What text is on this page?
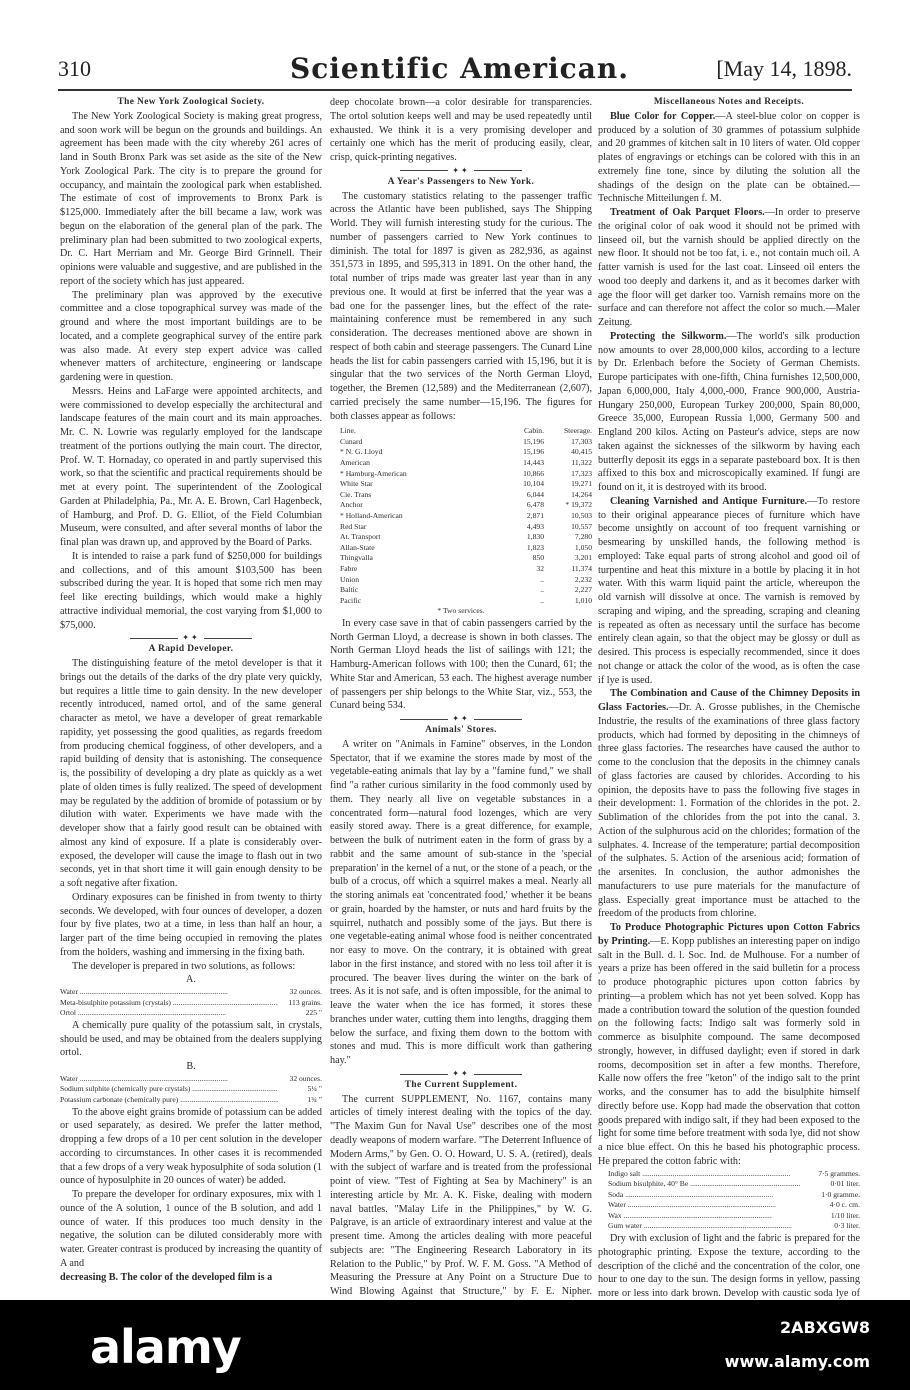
310	Scientific American.	[May 14, 1898.
The New York Zoological Society.

The New York Zoological Society is making great progress, and soon work will be begun on the grounds and buildings. An agreement has been made with the city whereby 261 acres of land in South Bronx Park was set aside as the site of the New York Zoological Park. The city is to prepare the ground for occupancy, and maintain the zoological park when established. The estimate of cost of improvements to Bronx Park is $125,000. Immediately after the bill became a law, work was begun on the elaboration of the general plan of the park. The preliminary plan had been submitted to two zoological experts, Dr. C. Hart Merriam and Mr. George Bird Grinnell. Their opinions were valuable and suggestive, and are published in the report of the society which has just appeared.

The preliminary plan was approved by the executive committee and a close topographical survey was made of the ground and where the most important buildings are to be located, and a complete geographical survey of the entire park was also made. At every step expert advice was called whenever matters of architecture, engineering or landscape gardening were in question.

Messrs. Heins and LaFarge were appointed architects, and were commissioned to develop especially the architectural and landscape features of the main court and its main approaches. Mr. C. N. Lowrie was regularly employed for the landscape treatment of the portions outlying the main court. The director, Prof. W. T. Hornaday, co operated in and partly supervised this work, so that the scientific and practical requirements should be met at every point. The superintendent of the Zoological Garden at Philadelphia, Pa., Mr. A. E. Brown, Carl Hagenbeck, of Hamburg, and Prof. D. G. Elliot, of the Field Columbian Museum, were consulted, and after several months of labor the final plan was drawn up, and approved by the Board of Parks.

It is intended to raise a park fund of $250,000 for buildings and collections, and of this amount $103,500 has been subscribed during the year. It is hoped that some rich men may feel like erecting buildings, which would make a highly attractive individual memorial, the cost varying from $1,000 to $75,000.

✦✦
A Rapid Developer.

The distinguishing feature of the metol developer is that it brings out the details of the darks of the dry plate very quickly, but requires a little time to gain density. In the new developer recently introduced, named ortol, and of the same general character as metol, we have a developer of great remarkable rapidity, yet possessing the good qualities, as regards freedom from producing chemical fogginess, of other developers, and a rapid building of density that is astonishing. The consequence is, the possibility of developing a dry plate as quickly as a wet plate of olden times is fully realized. The speed of development may be regulated by the addition of bromide of potassium or by dilution with water. Experiments we have made with the developer show that a fairly good result can be obtained with almost any kind of exposure. If a plate is considerably over-exposed, the developer will cause the image to flash out in two seconds, yet in that short time it will gain enough density to be a soft negative after fixation.

Ordinary exposures can be finished in from twenty to thirty seconds. We developed, with four ounces of developer, a dozen four by five plates, two at a time, in less than half an hour, a larger part of the time being occupied in removing the plates from the holders, washing and immersing in the fixing bath.

The developer is prepared in two solutions, as follows:

A.

Water .....	32 ounces.
Meta-bisulphite potassium (crystals) .....	113 grains.
Ortol .....	225 "

A chemically pure quality of the potassium salt, in crystals, should be used, and may be obtained from the dealers supplying ortol.

B.

Water .....	32 ounces.
Sodium sulphite (chemically pure crystals) .....	5¼ "
Potassium carbonate (chemically pure) .....	1¾ "

To the above eight grains bromide of potassium can be added or used separately, as desired. We prefer the latter method, dropping a few drops of a 10 per cent solution in the developer according to circumstances. In other cases it is recommended that a few drops of a very weak hyposulphite of soda solution (1 ounce of hyposulphite in 20 ounces of water) be added.

To prepare the developer for ordinary exposures, mix with 1 ounce of the A solution, 1 ounce of the B solution, and add 1 ounce of water. If this produces too much density in the negative, the solution can be diluted considerably more with water. Greater contrast is produced by increasing the quantity of A and

decreasing B. The color of the developed film is a

deep chocolate brown—a color desirable for transparencies. The ortol solution keeps well and may be used repeatedly until exhausted. We think it is a very promising developer and certainly one which has the merit of producing easily, clear, crisp, quick-printing negatives.

✦✦
A Year's Passengers to New York.

The customary statistics relating to the passenger traffic across the Atlantic have been published, says The Shipping World. They will furnish interesting study for the curious. The number of passengers carried to New York continues to diminish. The total for 1897 is given as 282,936, as against 351,573 in 1895, and 595,313 in 1891. On the other hand, the total number of trips made was greater last year than in any previous one. It would at first be inferred that the year was a bad one for the passenger lines, but the effect of the rate-maintaining conference must be remembered in any such consideration. The decreases mentioned above are shown in respect of both cabin and steerage passengers. The Cunard Line heads the list for cabin passengers carried with 15,196, but it is singular that the two services of the North German Lloyd, together, the Bremen (12,589) and the Mediterranean (2,607), carried precisely the same number—15,196. The figures for both classes appear as follows:

Line.	Cabin.	Steerage.
Cunard	15,196	17,303
* N. G. Lloyd	15,196	40,415
American	14,443	11,322
* Hamburg-American	10,866	17,323
White Star	10,104	19,271
Cie. Trans	6,044	14,264
Anchor	6,478	* 19,372
* Holland-American	2,871	10,503
Red Star	4,493	10,557
At. Transport	1,830	7,280
Allan-State	1,823	1,050
Thingvalla	850	3,201
Fabre	32	11,374
Union	..	2,232
Baltic	..	2,227
Pacific	..	1,010

* Two services.

In every case save in that of cabin passengers carried by the North German Lloyd, a decrease is shown in both classes. The North German Lloyd heads the list of sailings with 121; the Hamburg-American follows with 100; then the Cunard, 61; the White Star and American, 53 each. The highest average number of passengers per ship belongs to the White Star, viz., 553, the Cunard being 534.

✦✦
Animals' Stores.

A writer on "Animals in Famine" observes, in the London Spectator, that if we examine the stores made by most of the vegetable-eating animals that lay by a "famine fund," we shall find "a rather curious similarity in the food commonly used by them. They nearly all live on vegetable substances in a concentrated form—natural food lozenges, which are very easily stored away. There is a great difference, for example, between the bulk of nutriment eaten in the form of grass by a rabbit and the same amount of sub-stance in the 'special preparation' in the kernel of a nut, or the stone of a peach, or the bulb of a crocus, off which a squirrel makes a meal. Nearly all the storing animals eat 'concentrated food,' whether it be beans or grain, hoarded by the hamster, or nuts and hard fruits by the squirrel, nuthatch and possibly some of the jays. But there is one vegetable-eating animal whose food is neither concentrated nor easy to move. On the contrary, it is obtained with great labor in the first instance, and stored with no less toil after it is procured. The beaver lives during the winter on the bark of trees. As it is not safe, and is often impossible, for the animal to leave the water when the ice has formed, it stores these branches under water, cutting them into lengths, dragging them below the surface, and fixing them down to the bottom with stones and mud. This is more difficult work than gathering hay."

✦✦
The Current Supplement.

The current SUPPLEMENT, No. 1167, contains many articles of timely interest dealing with the topics of the day. "The Maxim Gun for Naval Use" describes one of the most deadly weapons of modern warfare. "The Deterrent Influence of Modern Arms," by Gen. O. O. Howard, U. S. A. (retired), deals with the subject of warfare and is treated from the professional point of view. "Test of Fighting at Sea by Machinery" is an interesting article by Mr. A. K. Fiske, dealing with modern naval battles. "Malay Life in the Philippines," by W. G. Palgrave, is an article of extraordinary interest and value at the present time. Among the articles dealing with more peaceful subjects are: "The Engineering Research Laboratory in its Relation to the Public," by Prof. W. F. M. Goss. "A Method of Measuring the Pressure at Any Point on a Structure Due to Wind Blowing Against that Structure," by F. E. Nipher.

Miscellaneous Notes and Receipts.

Blue Color for Copper.—A steel-blue color on copper is produced by a solution of 30 grammes of potassium sulphide and 20 grammes of kitchen salt in 10 liters of water. Old copper plates of engravings or etchings can be colored with this in an extremely fine tone, since by diluting the solution all the shadings of the design on the plate can be obtained.—Technische Mitteilungen f. M.

Treatment of Oak Parquet Floors.—In order to preserve the original color of oak wood it should not be primed with linseed oil, but the varnish should be applied directly on the new floor. It should not be too fat, i. e., not contain much oil. A fatter varnish is used for the last coat. Linseed oil enters the wood too deeply and darkens it, and as it becomes darker with age the floor will get darker too. Varnish remains more on the surface and can therefore not affect the color so much.—Maler Zeitung.

Protecting the Silkworm.—The world's silk production now amounts to over 28,000,000 kilos, according to a lecture by Dr. Erlenbach before the Society of German Chemists. Europe participates with one-fifth, China furnishes 12,500,000, Japan 6,000,000, Italy 4,000,-000, France 900,000, Austria-Hungary 250,000, European Turkey 200,000, Spain 80,000, Greece 35,000, European Russia 1,000, Germany 500 and England 200 kilos. Acting on Pasteur's advice, steps are now taken against the sicknesses of the silkworm by having each butterfly deposit its eggs in a separate pasteboard box. It is then affixed to this box and microscopically examined. If fungi are found on it, it is destroyed with its brood.

Cleaning Varnished and Antique Furniture.—To restore to their original appearance pieces of furniture which have become unsightly on account of too frequent varnishing or besmearing by unskilled hands, the following method is employed: Take equal parts of strong alcohol and good oil of turpentine and heat this mixture in a bottle by placing it in hot water. With this warm liquid paint the article, whereupon the old varnish will dissolve at once. The varnish is removed by scraping and wiping, and the spreading, scraping and cleaning is repeated as often as necessary until the surface has become entirely clean again, so that the object may be glossy or dull as desired. This process is especially recommended, since it does not change or attack the color of the wood, as is often the case if lye is used.

The Combination and Cause of the Chimney Deposits in Glass Factories.—Dr. A. Grosse publishes, in the Chemische Industrie, the results of the examinations of three glass factory products, which had formed by depositing in the chimneys of three glass factories. The researches have caused the author to come to the conclusion that the deposits in the chimney canals of glass factories are caused by chlorides. According to his opinion, the deposits have to pass the following five stages in their development: 1. Formation of the chlorides in the pot. 2. Sublimation of the chlorides from the pot into the canal. 3. Action of the sulphurous acid on the chlorides; formation of the sulphates. 4. Increase of the temperature; partial decomposition of the sulphates. 5. Action of the arsenious acid; formation of the arsenites. In conclusion, the author admonishes the manufacturers to use pure materials for the manufacture of glass. Especially great importance must be attached to the freedom of the products from chlorine.

To Produce Photographic Pictures upon Cotton Fabrics by Printing.—E. Kopp publishes an interesting paper on indigo salt in the Bull. d. l. Soc. Ind. de Mulhouse. For a number of years a prize has been offered in the said bulletin for a process to produce photographic pictures upon cotton fabrics by printing—a problem which has not yet been solved. Kopp has made a contribution toward the solution of the question founded on the following facts: Indigo salt was formerly sold in commerce as bisulphite compound. The same decomposed strongly, however, in diffused daylight; even if stored in dark rooms, decomposition set in after a few months. Therefore, Kalle now offers the free "keton" of the indigo salt to the print works, and the consumer has to add the bisulphite himself directly before use. Kopp had made the observation that cotton goods prepared with indigo salt, if they had been exposed to the light for some time before treatment with soda lye, did not show a nice blue effect. On this he based his photographic process. He prepared the cotton fabric with:

Indigo salt .....	7·5 grammes.
Sodium bisulphite, 40° Be .....	0·01 liter.
Soda .....	1·0 gramme.
Water .....	4·0 c. cm.
Wax .....	1/10 liter.
Gum water .....	0·3 liter.

Dry with exclusion of light and the fabric is prepared for the photographic printing. Expose the texture, according to the description of the cliché and the concentration of the color, one hour to one day to the sun. The design forms in yellow, passing more or less into dark brown. Develop with caustic soda lye of

alamy	2ABXGW8
www.alamy.com
